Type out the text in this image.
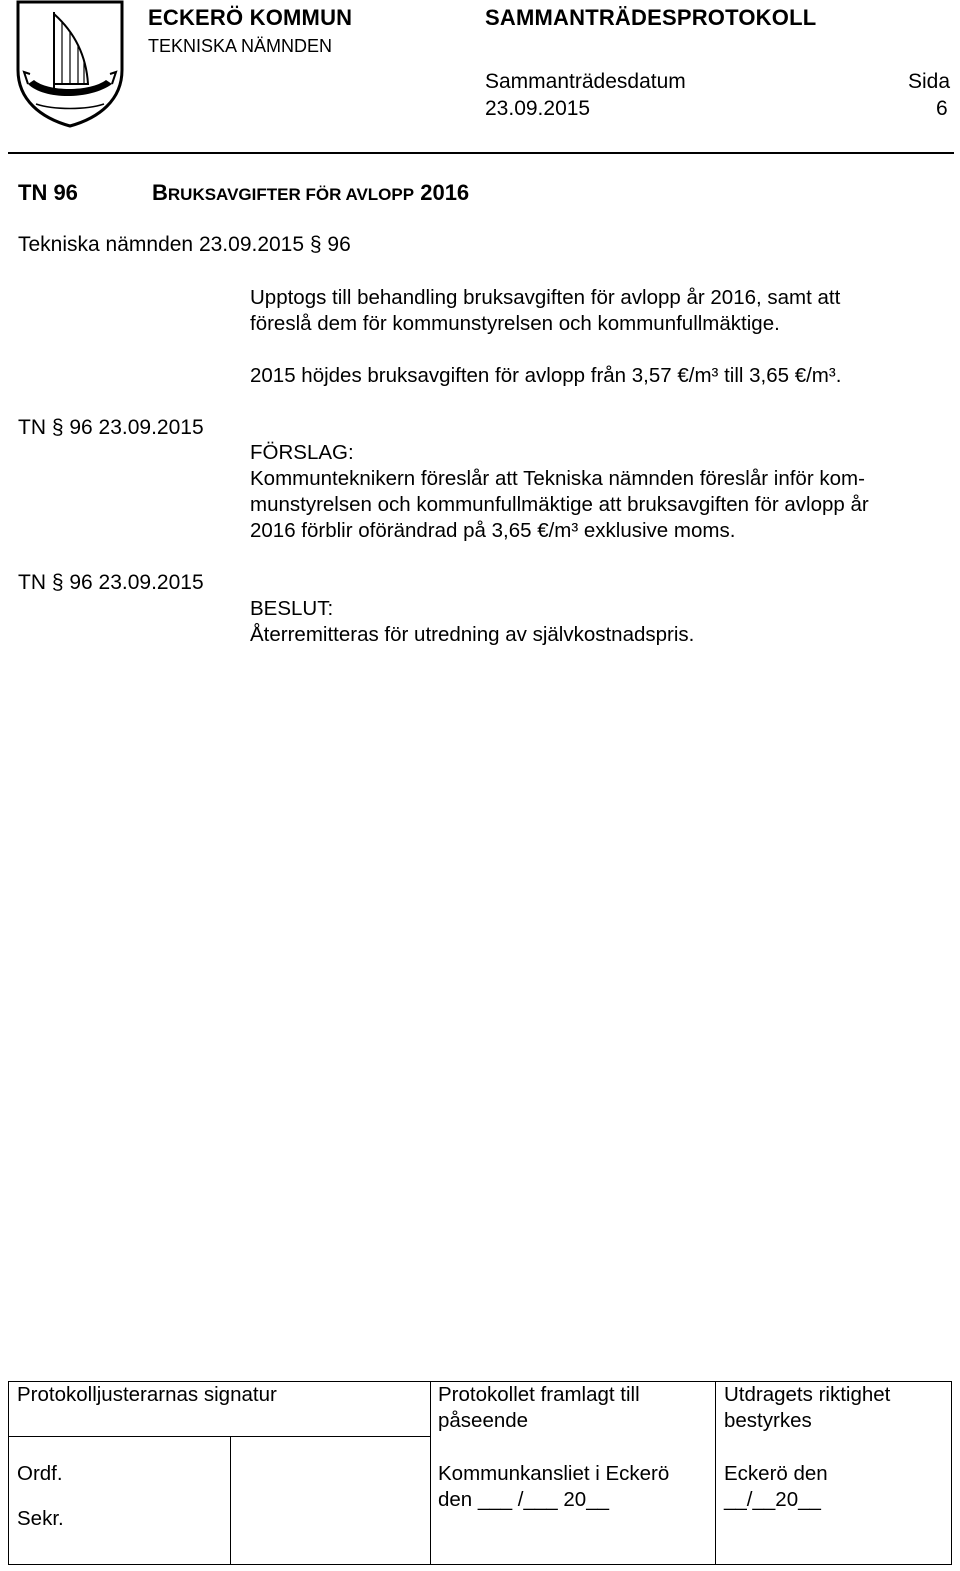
ECKERÖ KOMMUN
TEKNISKA NÄMNDEN
SAMMANTRÄDESPROTOKOLL
Sammanträdesdatum
23.09.2015
Sida
6
TN 96	BRUKSAVGIFTER FÖR AVLOPP 2016
Tekniska nämnden 23.09.2015 § 96
Upptogs till behandling bruksavgiften för avlopp år 2016, samt att
föreslå dem för kommunstyrelsen och kommunfullmäktige.
2015 höjdes bruksavgiften för avlopp från 3,57 €/m³ till 3,65 €/m³.
TN § 96 23.09.2015
FÖRSLAG:
Kommunteknikern föreslår att Tekniska nämnden föreslår inför kom-
munstyrelsen och kommunfullmäktige att bruksavgiften för avlopp år
2016 förblir oförändrad på 3,65 €/m³ exklusive moms.
TN § 96 23.09.2015
BESLUT:
Återremitteras för utredning av självkostnadspris.
Protokolljusterarnas signatur
Ordf.
Sekr.
Protokollet framlagt till
påseende
Kommunkansliet i Eckerö
den ___ /___ 20__
Utdragets riktighet
bestyrkes
Eckerö den
__/__20__
